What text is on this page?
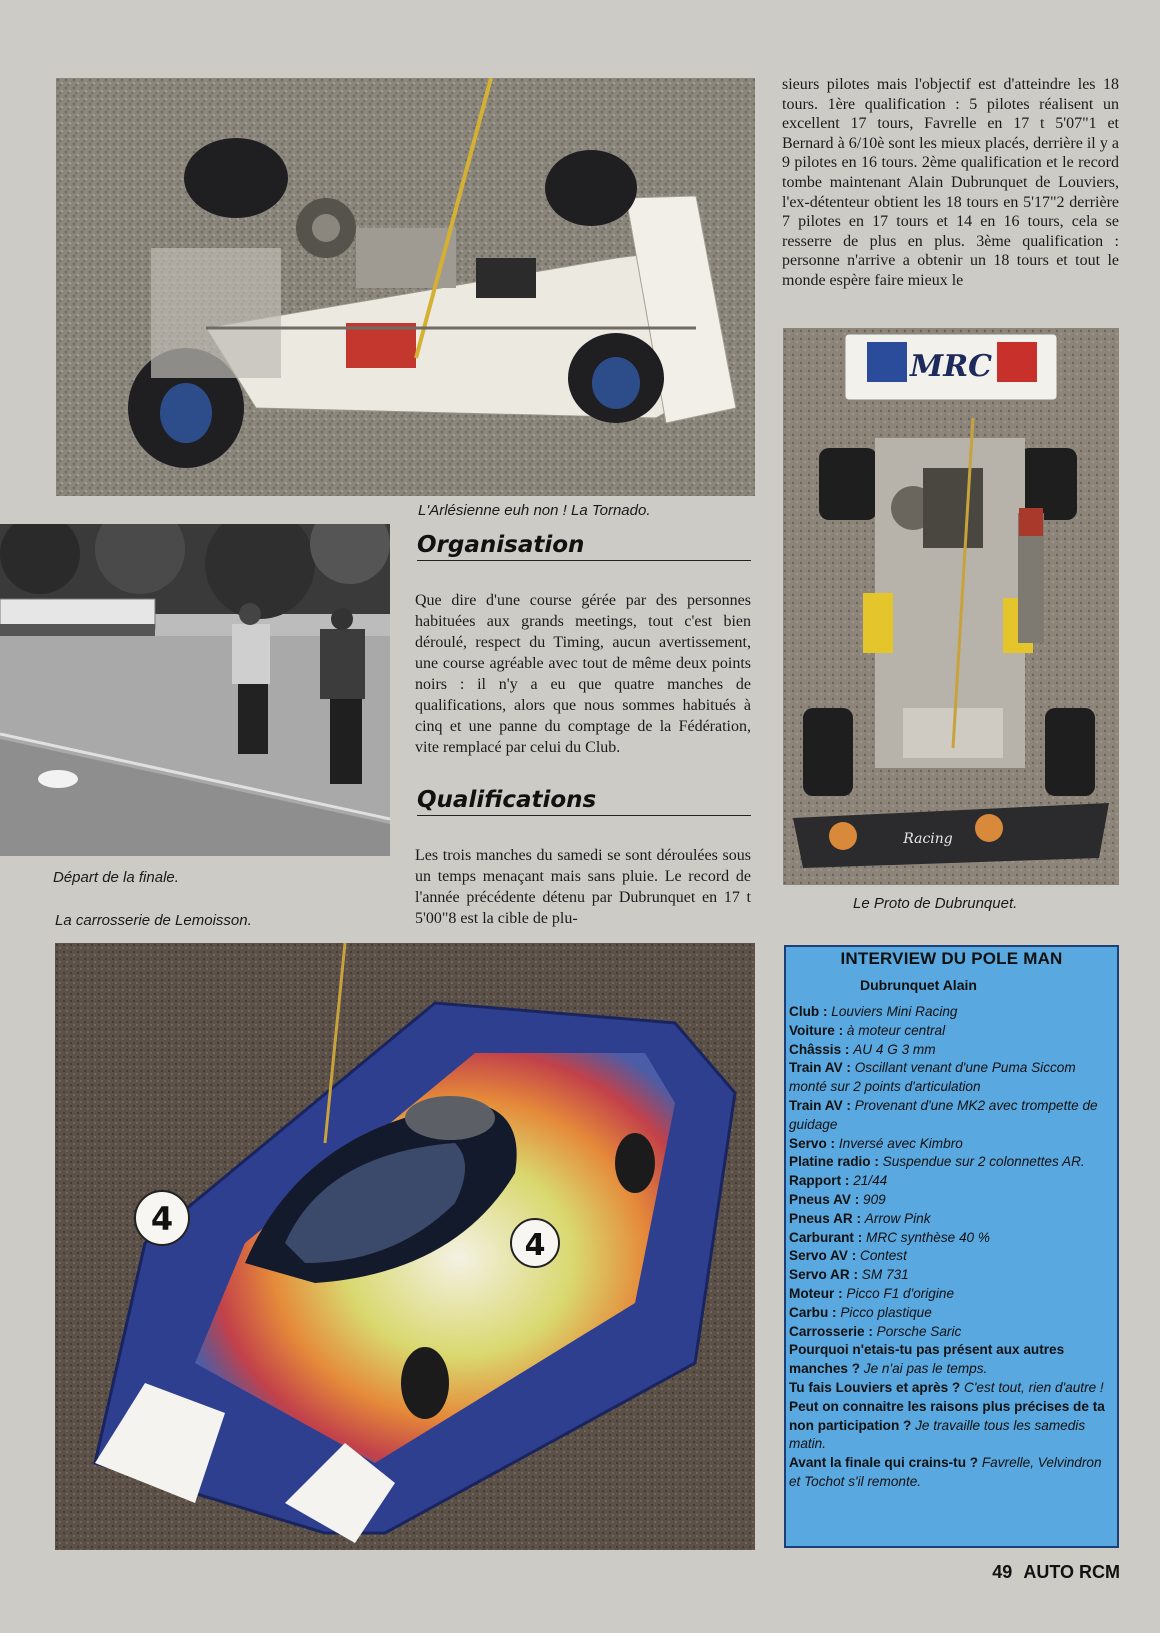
L'Arlésienne euh non ! La Tornado.
Départ de la finale.
La carrosserie de Lemoisson.
Organisation

Que dire d'une course gérée par des personnes habituées aux grands meetings, tout c'est bien déroulé, respect du Timing, aucun avertissement, une course agréable avec tout de même deux points noirs : il n'y a eu que quatre manches de qualifications, alors que nous sommes habitués à cinq et une panne du comptage de la Fédération, vite remplacé par celui du Club.

Qualifications

Les trois manches du samedi se sont déroulées sous un temps menaçant mais sans pluie. Le record de l'année précédente détenu par Dubrunquet en 17 t 5'00"8 est la cible de plu-

sieurs pilotes mais l'objectif est d'atteindre les 18 tours. 1ère qualification : 5 pilotes réalisent un excellent 17 tours, Favrelle en 17 t 5'07"1 et Bernard à 6/10è sont les mieux placés, derrière il y a 9 pilotes en 16 tours. 2ème qualification et le record tombe maintenant Alain Dubrunquet de Louviers, l'ex-détenteur obtient les 18 tours en 5'17"2 derrière 7 pilotes en 17 tours et 14 en 16 tours, cela se resserre de plus en plus. 3ème qualification : personne n'arrive a obtenir un 18 tours et tout le monde espère faire mieux le

MRC
Racing
Le Proto de Dubrunquet.
4
4
INTERVIEW DU POLE MAN
Dubrunquet Alain
Club : Louviers Mini Racing
Voiture : à moteur central
Châssis : AU 4 G 3 mm
Train AV : Oscillant venant d'une Puma Siccom monté sur 2 points d'articulation
Train AV : Provenant d'une MK2 avec trompette de guidage
Servo : Inversé avec Kimbro
Platine radio : Suspendue sur 2 colonnettes AR.
Rapport : 21/44
Pneus AV : 909
Pneus AR : Arrow Pink
Carburant : MRC synthèse 40 %
Servo AV : Contest
Servo AR : SM 731
Moteur : Picco F1 d'origine
Carbu : Picco plastique
Carrosserie : Porsche Saric
Pourquoi n'etais-tu pas présent aux autres manches ? Je n'ai pas le temps.
Tu fais Louviers et après ? C'est tout, rien d'autre !
Peut on connaitre les raisons plus précises de ta non participation ? Je travaille tous les samedis matin.
Avant la finale qui crains-tu ? Favrelle, Velvindron et Tochot s'il remonte.
49 AUTO RCM
